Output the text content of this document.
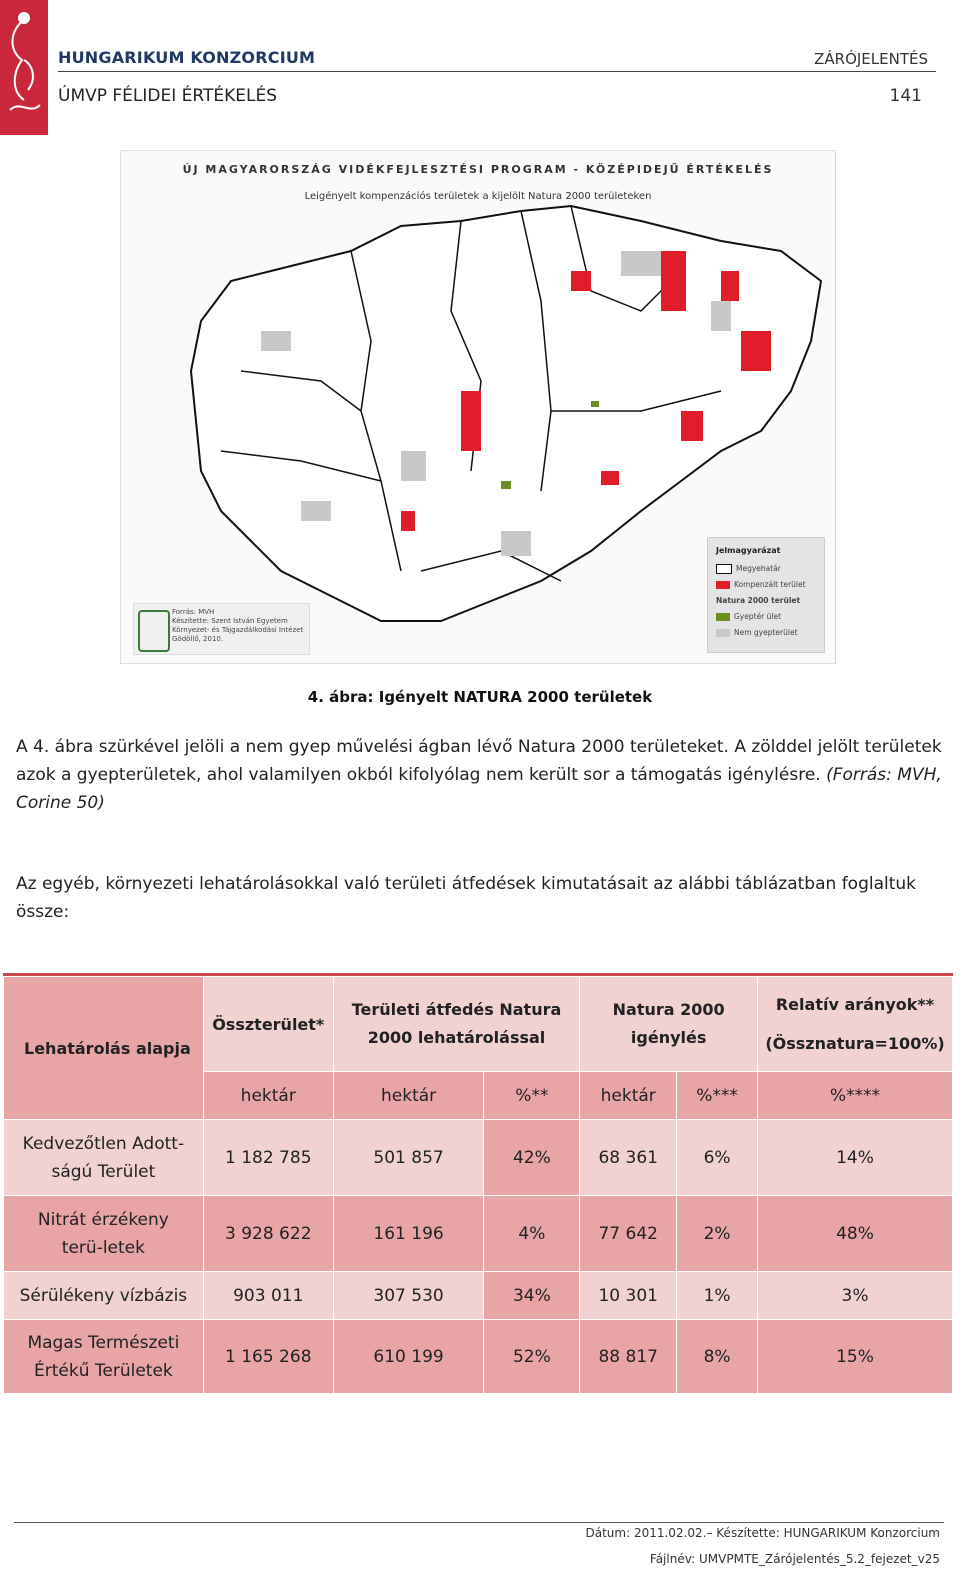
HUNGARIKUM KONZORCIUM	ZÁRÓJELENTÉS
ÚMVP FÉLIDEI ÉRTÉKELÉS	141
ÚJ MAGYARORSZÁG VIDÉKFEJLESZTÉSI PROGRAM - KÖZÉPIDEJŰ ÉRTÉKELÉS
Leigényelt kompenzációs területek a kijelölt Natura 2000 területeken
Forrás: MVH
Készítette: Szent István Egyetem
Környezet- és Tájgazdálkodási Intézet
Gödöllő, 2010.
Jelmagyarázat
Megyehatár
Kompenzált terület
Natura 2000 terület
Gyeptér ület
Nem gyepterület
4. ábra: Igényelt NATURA 2000 területek
A 4. ábra szürkével jelöli a nem gyep művelési ágban lévő Natura 2000 területeket. A zölddel jelölt területek azok a gyepterületek, ahol valamilyen okból kifolyólag nem került sor a támogatás igénylésre. (Forrás: MVH, Corine 50)
Az egyéb, környezeti lehatárolásokkal való területi átfedések kimutatásait az alábbi táblázatban foglaltuk össze:
Lehatárolás alapja	Összterület*	Területi átfedés Natura 2000 lehatárolással		Natura 2000 igénylés		Relatív arányok**
(Össznatura=100%)

	hektár	hektár	%**	hektár	%***	%****
Kedvezőtlen Adott-ságú Terület	1 182 785	501 857	42%	68 361	6%	14%
Nitrát érzékeny terü-letek	3 928 622	161 196	4%	77 642	2%	48%
Sérülékeny vízbázis	903 011	307 530	34%	10 301	1%	3%
Magas Természeti Értékű Területek	1 165 268	610 199	52%	88 817	8%	15%
Dátum: 2011.02.02.– Készítette: HUNGARIKUM Konzorcium
Fájlnév: UMVPMTE_Zárójelentés_5.2_fejezet_v25
